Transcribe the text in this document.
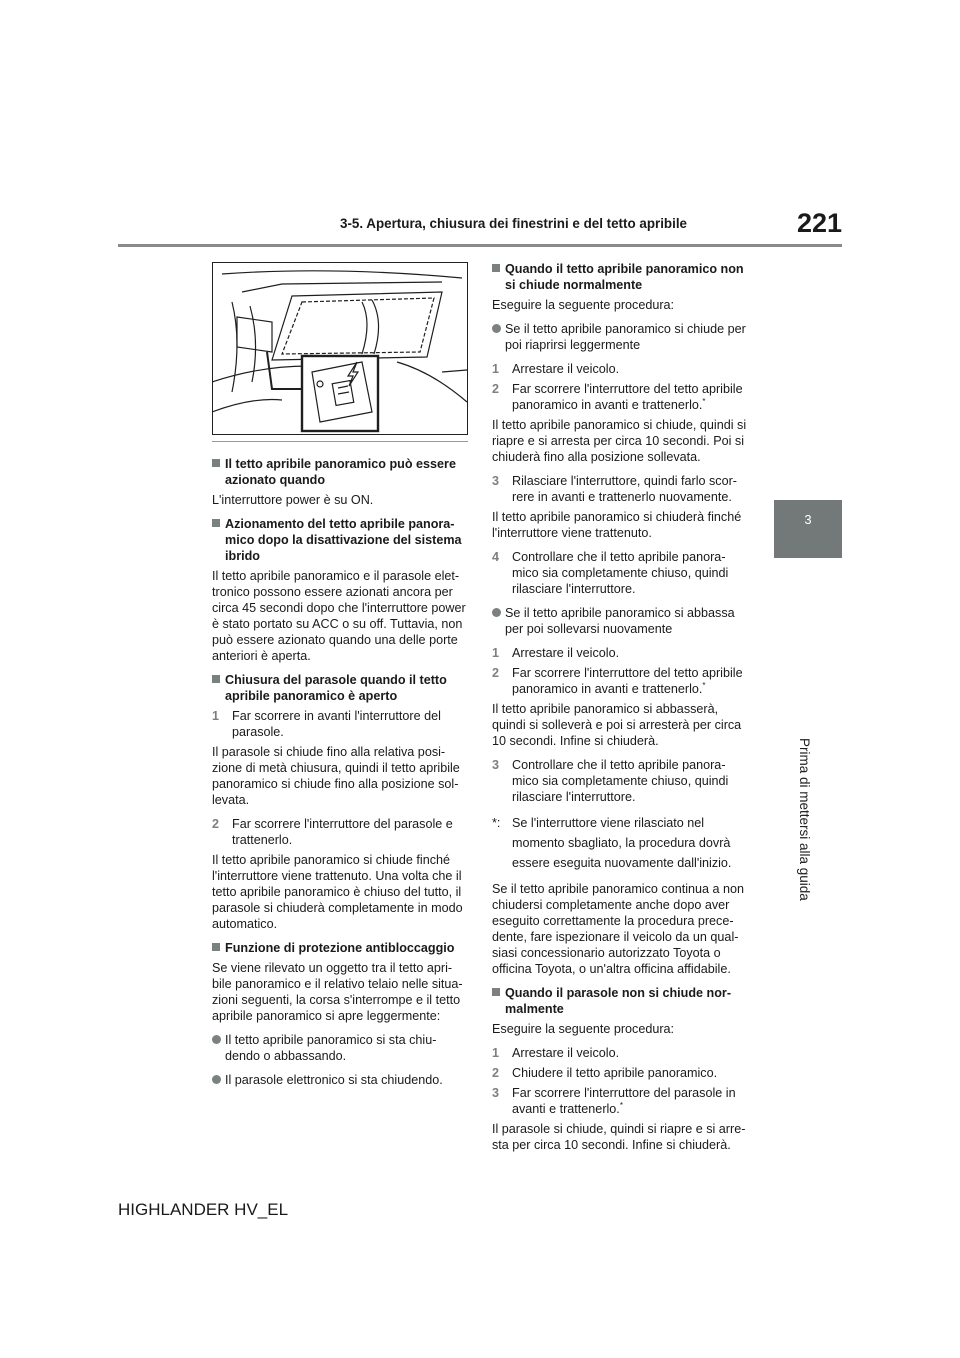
3-5. Apertura, chiusura dei finestrini e del tetto apribile	221
3
Prima di mettersi alla guida
Il tetto apribile panoramico può essere azionato quando
L'interruttore power è su ON.
Azionamento del tetto apribile panora-mico dopo la disattivazione del sistema ibrido
Il tetto apribile panoramico e il parasole elet-tronico possono essere azionati ancora per circa 45 secondi dopo che l'interruttore power è stato portato su ACC o su off. Tuttavia, non può essere azionato quando una delle porte anteriori è aperta.
Chiusura del parasole quando il tetto apribile panoramico è aperto
1 Far scorrere in avanti l'interruttore del parasole.
Il parasole si chiude fino alla relativa posi-zione di metà chiusura, quindi il tetto apribile panoramico si chiude fino alla posizione sol-levata.
2 Far scorrere l'interruttore del parasole e trattenerlo.
Il tetto apribile panoramico si chiude finché l'interruttore viene trattenuto. Una volta che il tetto apribile panoramico è chiuso del tutto, il parasole si chiuderà completamente in modo automatico.
Funzione di protezione antibloccaggio
Se viene rilevato un oggetto tra il tetto apri-bile panoramico e il relativo telaio nelle situa-zioni seguenti, la corsa s'interrompe e il tetto apribile panoramico si apre leggermente:
Il tetto apribile panoramico si sta chiu-dendo o abbassando.
Il parasole elettronico si sta chiudendo.
Quando il tetto apribile panoramico non si chiude normalmente
Eseguire la seguente procedura:
Se il tetto apribile panoramico si chiude per poi riaprirsi leggermente
1 Arrestare il veicolo.
2 Far scorrere l'interruttore del tetto apribile panoramico in avanti e trattenerlo.*
Il tetto apribile panoramico si chiude, quindi si riapre e si arresta per circa 10 secondi. Poi si chiuderà fino alla posizione sollevata.
3 Rilasciare l'interruttore, quindi farlo scor-rere in avanti e trattenerlo nuovamente.
Il tetto apribile panoramico si chiuderà finché l'interruttore viene trattenuto.
4 Controllare che il tetto apribile panora-mico sia completamente chiuso, quindi rilasciare l'interruttore.
Se il tetto apribile panoramico si abbassa per poi sollevarsi nuovamente
1 Arrestare il veicolo.
2 Far scorrere l'interruttore del tetto apribile panoramico in avanti e trattenerlo.*
Il tetto apribile panoramico si abbasserà, quindi si solleverà e poi si arresterà per circa 10 secondi. Infine si chiuderà.
3 Controllare che il tetto apribile panora-mico sia completamente chiuso, quindi rilasciare l'interruttore.
*: Se l'interruttore viene rilasciato nel momento sbagliato, la procedura dovrà essere eseguita nuovamente dall'inizio.
Se il tetto apribile panoramico continua a non chiudersi completamente anche dopo aver eseguito correttamente la procedura prece-dente, fare ispezionare il veicolo da un qual-siasi concessionario autorizzato Toyota o officina Toyota, o un'altra officina affidabile.
Quando il parasole non si chiude nor-malmente
Eseguire la seguente procedura:
1 Arrestare il veicolo.
2 Chiudere il tetto apribile panoramico.
3 Far scorrere l'interruttore del parasole in avanti e trattenerlo.*
Il parasole si chiude, quindi si riapre e si arre-sta per circa 10 secondi. Infine si chiuderà.
HIGHLANDER HV_EL
